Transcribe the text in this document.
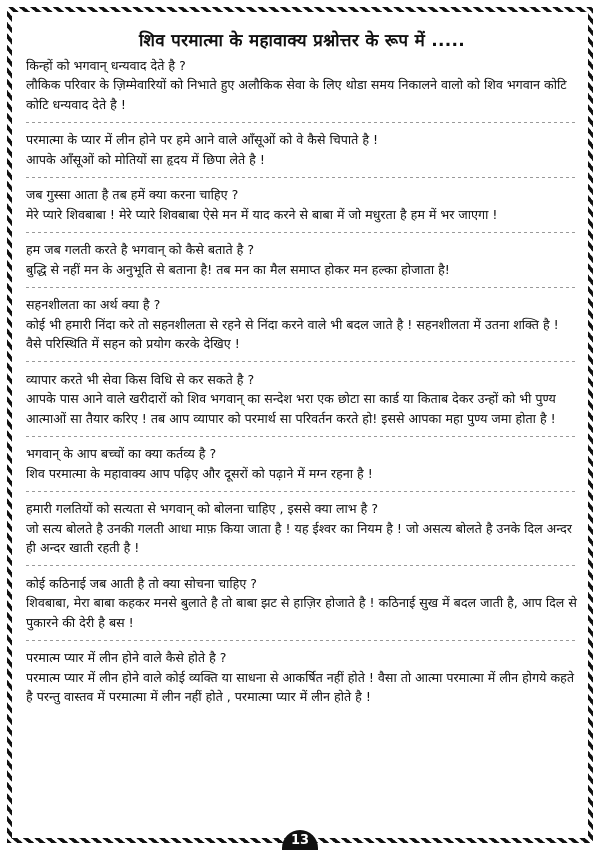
शिव परमात्मा के महावाक्य प्रश्नोत्तर के रूप में .....

किन्हों को भगवान् धन्यवाद देते है ?

लौकिक परिवार के ज़िम्मेवारियों को निभाते हुए अलौकिक सेवा के लिए थोडा समय निकालने वालो को शिव भगवान कोटि कोटि धन्यवाद देते है !

परमात्मा के प्यार में लीन होने पर हमे आने वाले आँसूओं को वे कैसे चिपाते है !

आपके आँसूओं को मोतियों सा हृदय में छिपा लेते है !

जब गुस्सा आता है तब हमें क्या करना चाहिए ?

मेरे प्यारे शिवबाबा ! मेरे प्यारे शिवबाबा ऐसे मन में याद करने से बाबा में जो मधुरता है हम में भर जाएगा !

हम जब गलती करते है भगवान् को कैसे बताते है ?

बुद्धि से नहीं मन के अनुभूति से बताना है! तब मन का मैल समाप्त होकर मन हल्का होजाता है!

सहनशीलता का अर्थ क्या है ?

कोई भी हमारी निंदा करे तो सहनशीलता से रहने से निंदा करने वाले भी बदल जाते है ! सहनशीलता में उतना शक्ति है ! वैसे परिस्थिति में सहन को प्रयोग करके देखिए !

व्यापार करते भी सेवा किस विधि से कर सकते है ?

आपके पास आने वाले खरीदारों को शिव भगवान् का सन्देश भरा एक छोटा सा कार्ड या किताब देकर उन्हों को भी पुण्य आत्माओं सा तैयार करिए ! तब आप व्यापार को परमार्थ सा परिवर्तन करते हो! इससे आपका महा पुण्य जमा होता है !

भगवान् के आप बच्चों का क्या कर्तव्य है ?

शिव परमात्मा के महावाक्य आप पढ़िए और दूसरों को पढ़ाने में मग्न रहना है !

हमारी गलतियों को सत्यता से भगवान् को बोलना चाहिए , इससे क्या लाभ है ?

जो सत्य बोलते है उनकी गलती आधा माफ़ किया जाता है ! यह ईश्वर का नियम है ! जो असत्य बोलते है उनके दिल अन्दर ही अन्दर खाती रहती है !

कोई कठिनाई जब आती है तो क्या सोचना चाहिए ?

शिवबाबा, मेरा बाबा कहकर मनसे बुलाते है तो बाबा झट से हाज़िर होजाते है ! कठिनाई सुख में बदल जाती है, आप दिल से पुकारने की देरी है बस !

परमात्म प्यार में लीन होने वाले कैसे होते है ?

परमात्म प्यार में लीन होने वाले कोई व्यक्ति या साधना से आकर्षित नहीं होते ! वैसा तो आत्मा परमात्मा में लीन होगये कहते है परन्तु वास्तव में परमात्मा में लीन नहीं होते , परमात्मा प्यार में लीन होते है !

13
